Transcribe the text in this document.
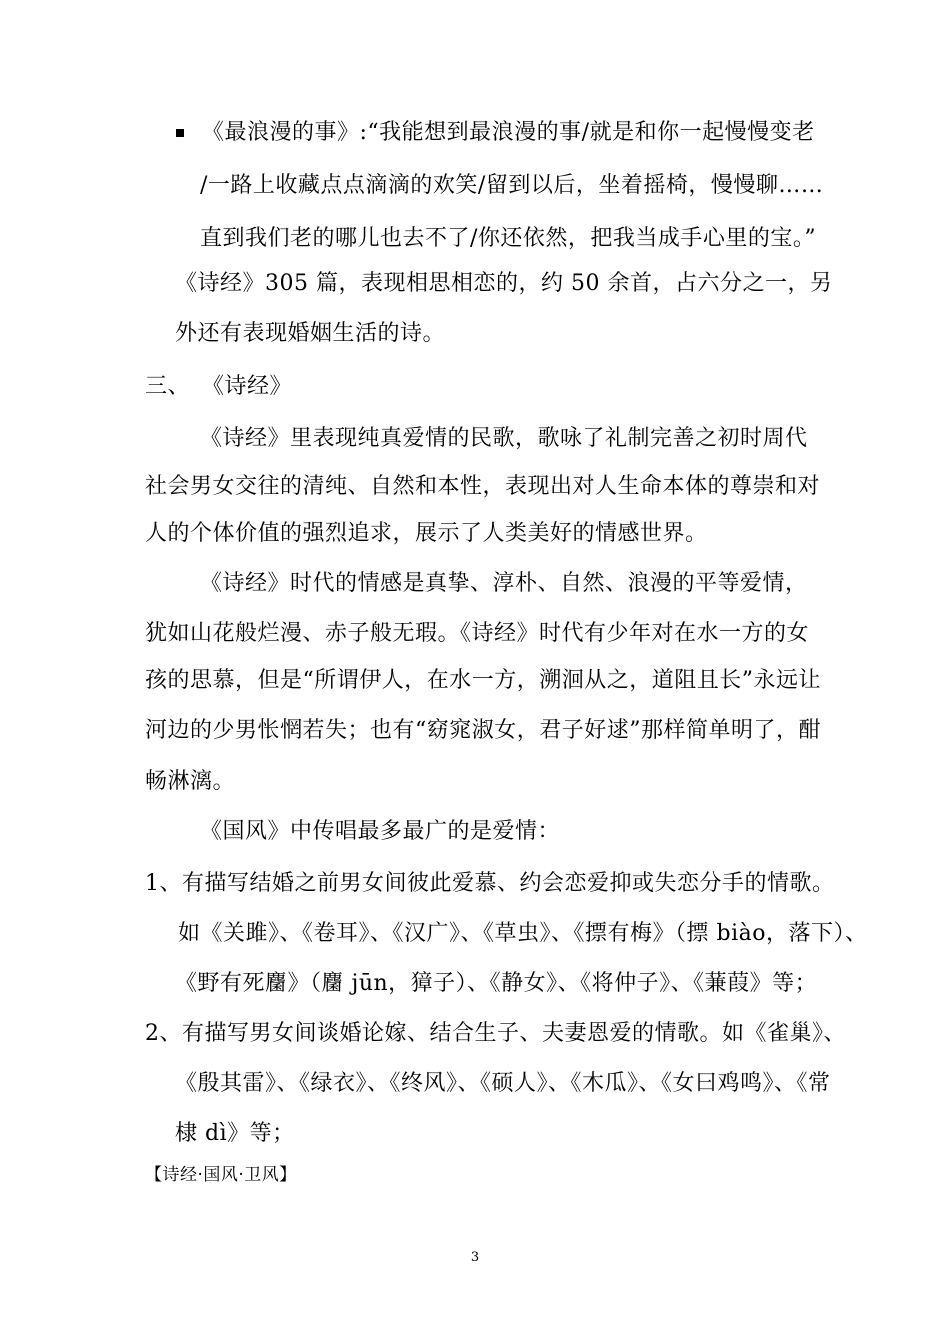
《最浪漫的事》:“我能想到最浪漫的事/就是和你一起慢慢变老
/一路上收藏点点滴滴的欢笑/留到以后，坐着摇椅，慢慢聊……
直到我们老的哪儿也去不了/你还依然，把我当成手心里的宝。”
《诗经》305 篇，表现相思相恋的，约 50 余首，占六分之一，另
外还有表现婚姻生活的诗。
三、 《诗经》
《诗经》里表现纯真爱情的民歌，歌咏了礼制完善之初时周代
社会男女交往的清纯、自然和本性，表现出对人生命本体的尊崇和对
人的个体价值的强烈追求，展示了人类美好的情感世界。
《诗经》时代的情感是真挚、淳朴、自然、浪漫的平等爱情，
犹如山花般烂漫、赤子般无瑕。《诗经》时代有少年对在水一方的女
孩的思慕，但是“所谓伊人，在水一方，溯洄从之，道阻且长”永远让
河边的少男怅惘若失；也有“窈窕淑女，君子好逑”那样简单明了，酣
畅淋漓。
《国风》中传唱最多最广的是爱情：
1、有描写结婚之前男女间彼此爱慕、约会恋爱抑或失恋分手的情歌。
如《关雎》、《卷耳》、《汉广》、《草虫》、《摽有梅》（摽 biào，落下）、
《野有死麕》（麕 jūn，獐子）、《静女》、《将仲子》、《蒹葭》等；
2、有描写男女间谈婚论嫁、结合生子、夫妻恩爱的情歌。如《雀巢》、
《殷其雷》、《绿衣》、《终风》、《硕人》、《木瓜》、《女曰鸡鸣》、《常
棣 dì》等；
【诗经·国风·卫风】
3
